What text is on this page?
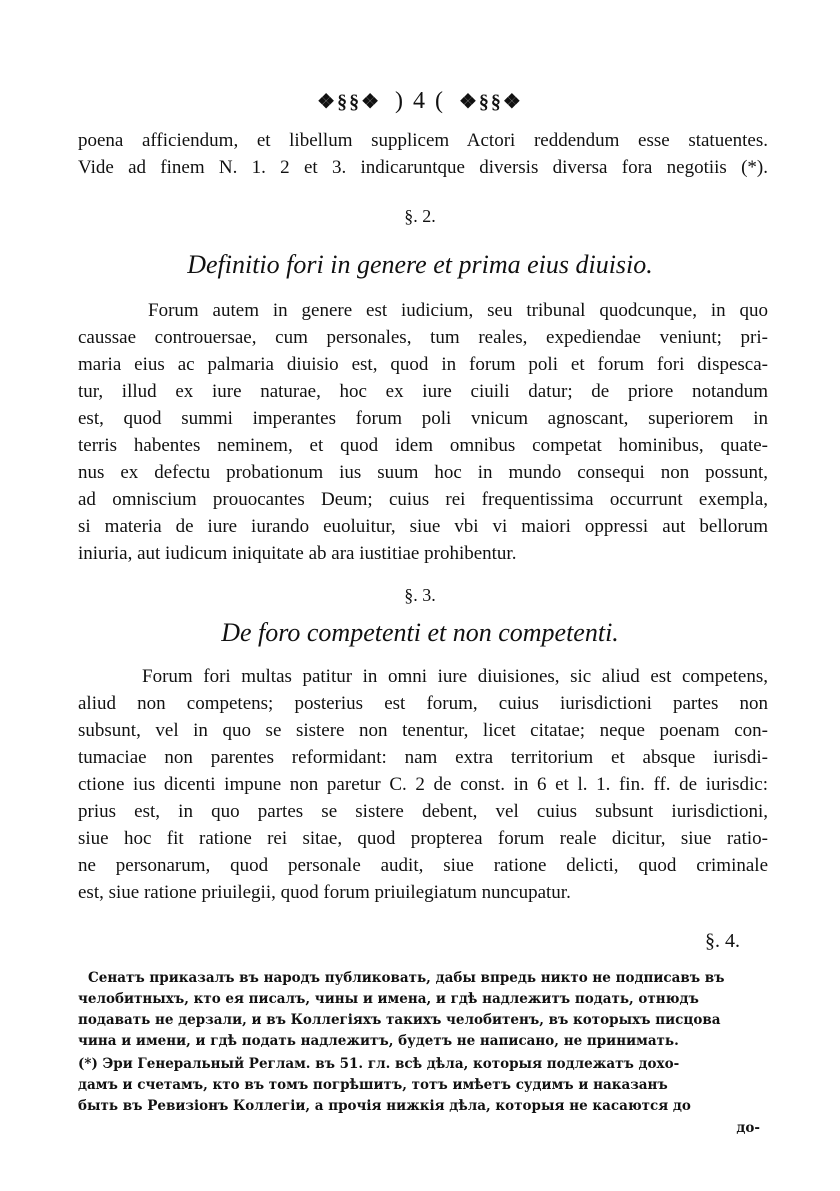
❖§§❖ ) 4 ( ❖§§❖
poena afficiendum, et libellum supplicem Actori reddendum esse statuentes.
Vide ad finem N. 1. 2 et 3. indicaruntque diversis diversa fora negotiis (*).
§. 2.
Definitio fori in genere et prima eius diuisio.
Forum autem in genere est iudicium, seu tribunal quodcunque, in quo
caussae controuersae, cum personales, tum reales, expediendae veniunt; pri-
maria eius ac palmaria diuisio est, quod in forum poli et forum fori dispesca-
tur, illud ex iure naturae, hoc ex iure ciuili datur; de priore notandum
est, quod summi imperantes forum poli vnicum agnoscant, superiorem in
terris habentes neminem, et quod idem omnibus competat hominibus, quate-
nus ex defectu probationum ius suum hoc in mundo consequi non possunt,
ad omniscium prouocantes Deum; cuius rei frequentissima occurrunt exempla,
si materia de iure iurando euoluitur, siue vbi vi maiori oppressi aut bellorum
iniuria, aut iudicum iniquitate ab ara iustitiae prohibentur.
§. 3.
De foro competenti et non competenti.
Forum fori multas patitur in omni iure diuisiones, sic aliud est competens,
aliud non competens; posterius est forum, cuius iurisdictioni partes non
subsunt, vel in quo se sistere non tenentur, licet citatae; neque poenam con-
tumaciae non parentes reformidant: nam extra territorium et absque iurisdi-
ctione ius dicenti impune non paretur C. 2 de const. in 6 et l. 1. fin. ff. de iurisdic:
prius est, in quo partes se sistere debent, vel cuius subsunt iurisdictioni,
siue hoc fit ratione rei sitae, quod propterea forum reale dicitur, siue ratio-
ne personarum, quod personale audit, siue ratione delicti, quod criminale
est, siue ratione priuilegii, quod forum priuilegiatum nuncupatur.
§. 4.
Сенатъ приказалъ въ народъ публиковать, дабы впредь никто не подписавъ въ
челобитныхъ, кто ея писалъ, чины и имена, и гдѣ надлежитъ подать, отнюдъ
подавать не дерзали, и въ Коллегіяхъ такихъ челобитенъ, въ которыхъ писцова
чина и имени, и гдѣ подать надлежитъ, будетъ не написано, не принимать.
(*) Эри Генеральный Реглам. въ 51. гл. всѣ дѣла, которыя подлежатъ дохо-
дамъ и счетамъ, кто въ томъ погрѣшитъ, тотъ имѣетъ судимъ и наказанъ
быть въ Ревизіонъ Коллегіи, а прочія нижкія дѣла, которыя не касаются до
до-
